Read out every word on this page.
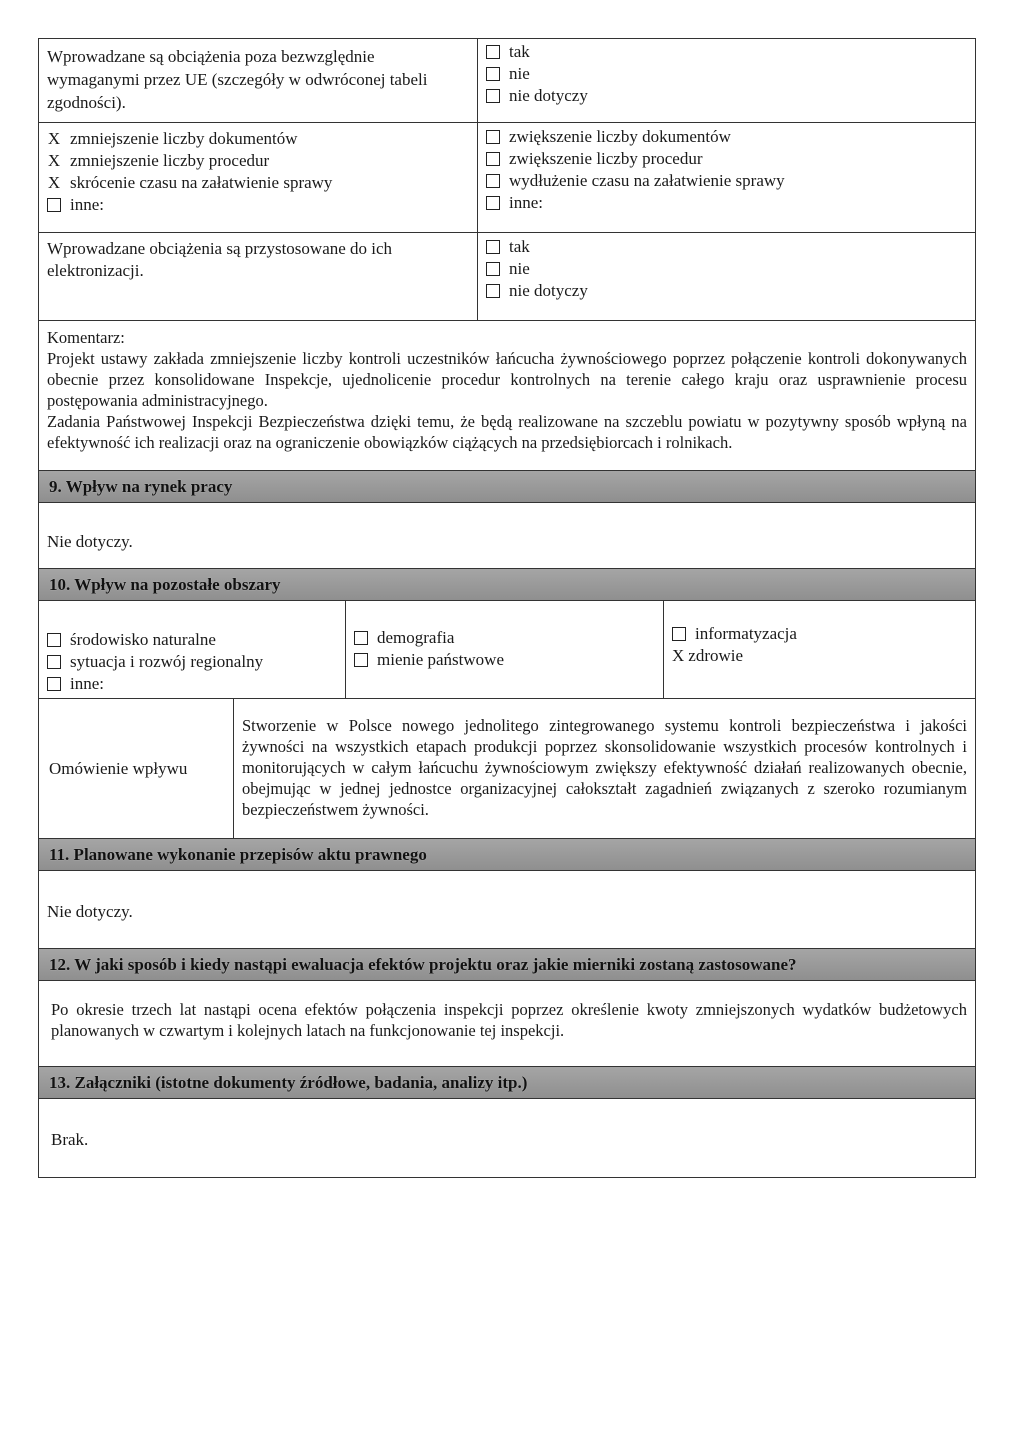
Wprowadzane są obciążenia poza bezwzględnie wymaganymi przez UE (szczegóły w odwróconej tabeli zgodności).
tak
nie
nie dotyczy
X zmniejszenie liczby dokumentów
X zmniejszenie liczby procedur
X skrócenie czasu na załatwienie sprawy
inne:
zwiększenie liczby dokumentów
zwiększenie liczby procedur
wydłużenie czasu na załatwienie sprawy
inne:
Wprowadzane obciążenia są przystosowane do ich elektronizacji.
tak
nie
nie dotyczy
Komentarz:
Projekt ustawy zakłada zmniejszenie liczby kontroli uczestników łańcucha żywnościowego poprzez połączenie kontroli dokonywanych obecnie przez konsolidowane Inspekcje, ujednolicenie procedur kontrolnych na terenie całego kraju oraz usprawnienie procesu postępowania administracyjnego.
Zadania Państwowej Inspekcji Bezpieczeństwa dzięki temu, że będą realizowane na szczeblu powiatu w pozytywny sposób wpłyną na efektywność ich realizacji oraz na ograniczenie obowiązków ciążących na przedsiębiorcach i rolnikach.
9. Wpływ na rynek pracy
Nie dotyczy.
10. Wpływ na pozostałe obszary
środowisko naturalne
sytuacja i rozwój regionalny
inne:
demografia
mienie państwowe
informatyzacja
X zdrowie
Omówienie wpływu
Stworzenie w Polsce nowego jednolitego zintegrowanego systemu kontroli bezpieczeństwa i jakości żywności na wszystkich etapach produkcji poprzez skonsolidowanie wszystkich procesów kontrolnych i monitorujących w całym łańcuchu żywnościowym zwiększy efektywność działań realizowanych obecnie, obejmując w jednej jednostce organizacyjnej całokształt zagadnień związanych z szeroko rozumianym bezpieczeństwem żywności.
11. Planowane wykonanie przepisów aktu prawnego
Nie dotyczy.
12. W jaki sposób i kiedy nastąpi ewaluacja efektów projektu oraz jakie mierniki zostaną zastosowane?
Po okresie trzech lat nastąpi ocena efektów połączenia inspekcji poprzez określenie kwoty zmniejszonych wydatków budżetowych planowanych w czwartym i kolejnych latach na funkcjonowanie tej inspekcji.
13. Załączniki (istotne dokumenty źródłowe, badania, analizy itp.)
Brak.
